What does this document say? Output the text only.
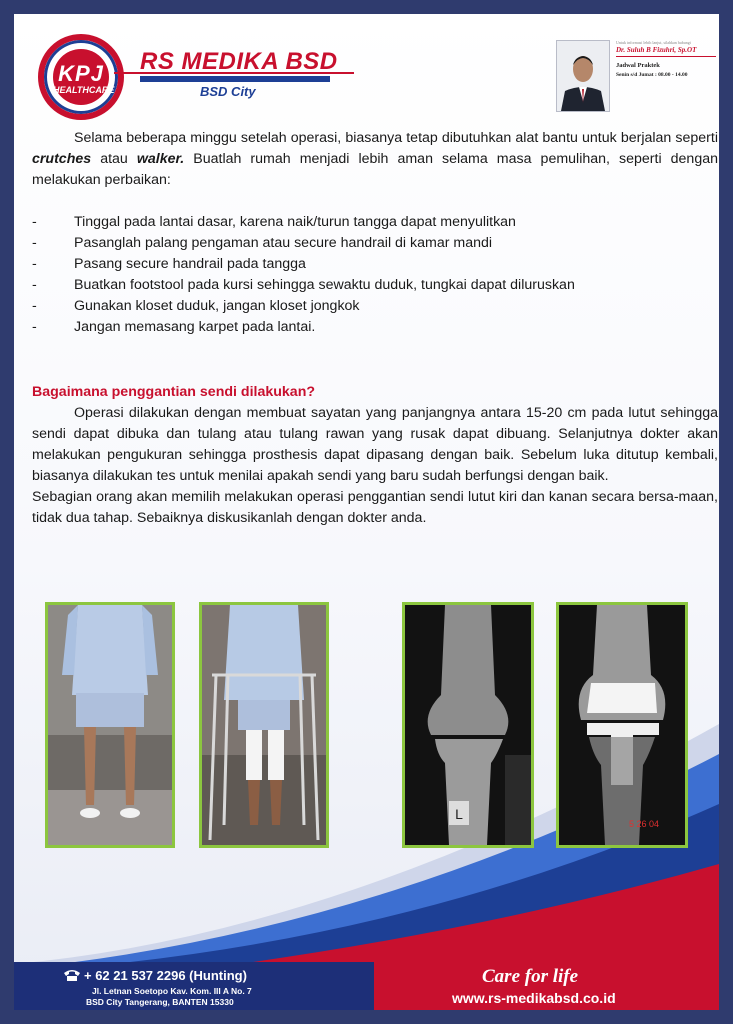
KPJ
HEALTHCARE
RS MEDIKA BSD
BSD City
Untuk informasi lebih lanjut, silahkan hubungi
Dr. Suluh B Fizuhri, Sp.OT
Jadwal Praktek
Senin s/d Jumat : 08.00 - 14.00

Selama beberapa minggu setelah operasi, biasanya tetap dibutuhkan alat bantu untuk berjalan seperti crutches atau walker. Buatlah rumah menjadi lebih aman selama masa pemulihan, seperti dengan melakukan perbaikan:

-	Tinggal pada lantai dasar, karena naik/turun tangga dapat menyulitkan
-	Pasanglah palang pengaman atau secure handrail di kamar mandi
-	Pasang secure handrail pada tangga
-	Buatkan footstool pada kursi sehingga sewaktu duduk, tungkai dapat diluruskan
-	Gunakan kloset duduk, jangan kloset jongkok
-	Jangan memasang karpet pada lantai.
Bagaimana penggantian sendi dilakukan?

Operasi dilakukan dengan membuat sayatan yang panjangnya antara 15-20 cm pada lutut sehingga sendi dapat dibuka dan tulang atau tulang rawan yang rusak dapat dibuang. Selanjutnya dokter akan melakukan pengukuran sehingga prosthesis dapat dipasang dengan baik. Sebelum luka ditutup kembali, biasanya dilakukan tes untuk menilai apakah sendi yang baru sudah berfungsi dengan baik.

Sebagian orang akan memilih melakukan operasi penggantian sendi lutut kiri dan kanan secara bersa-maan, tidak dua tahap. Sebaiknya diskusikanlah dengan dokter anda.

L
5 26 04
+ 62 21 537 2296 (Hunting)
Jl. Letnan Soetopo Kav. Kom. III A No. 7
BSD City Tangerang, BANTEN 15330
Care for life
www.rs-medikabsd.co.id
